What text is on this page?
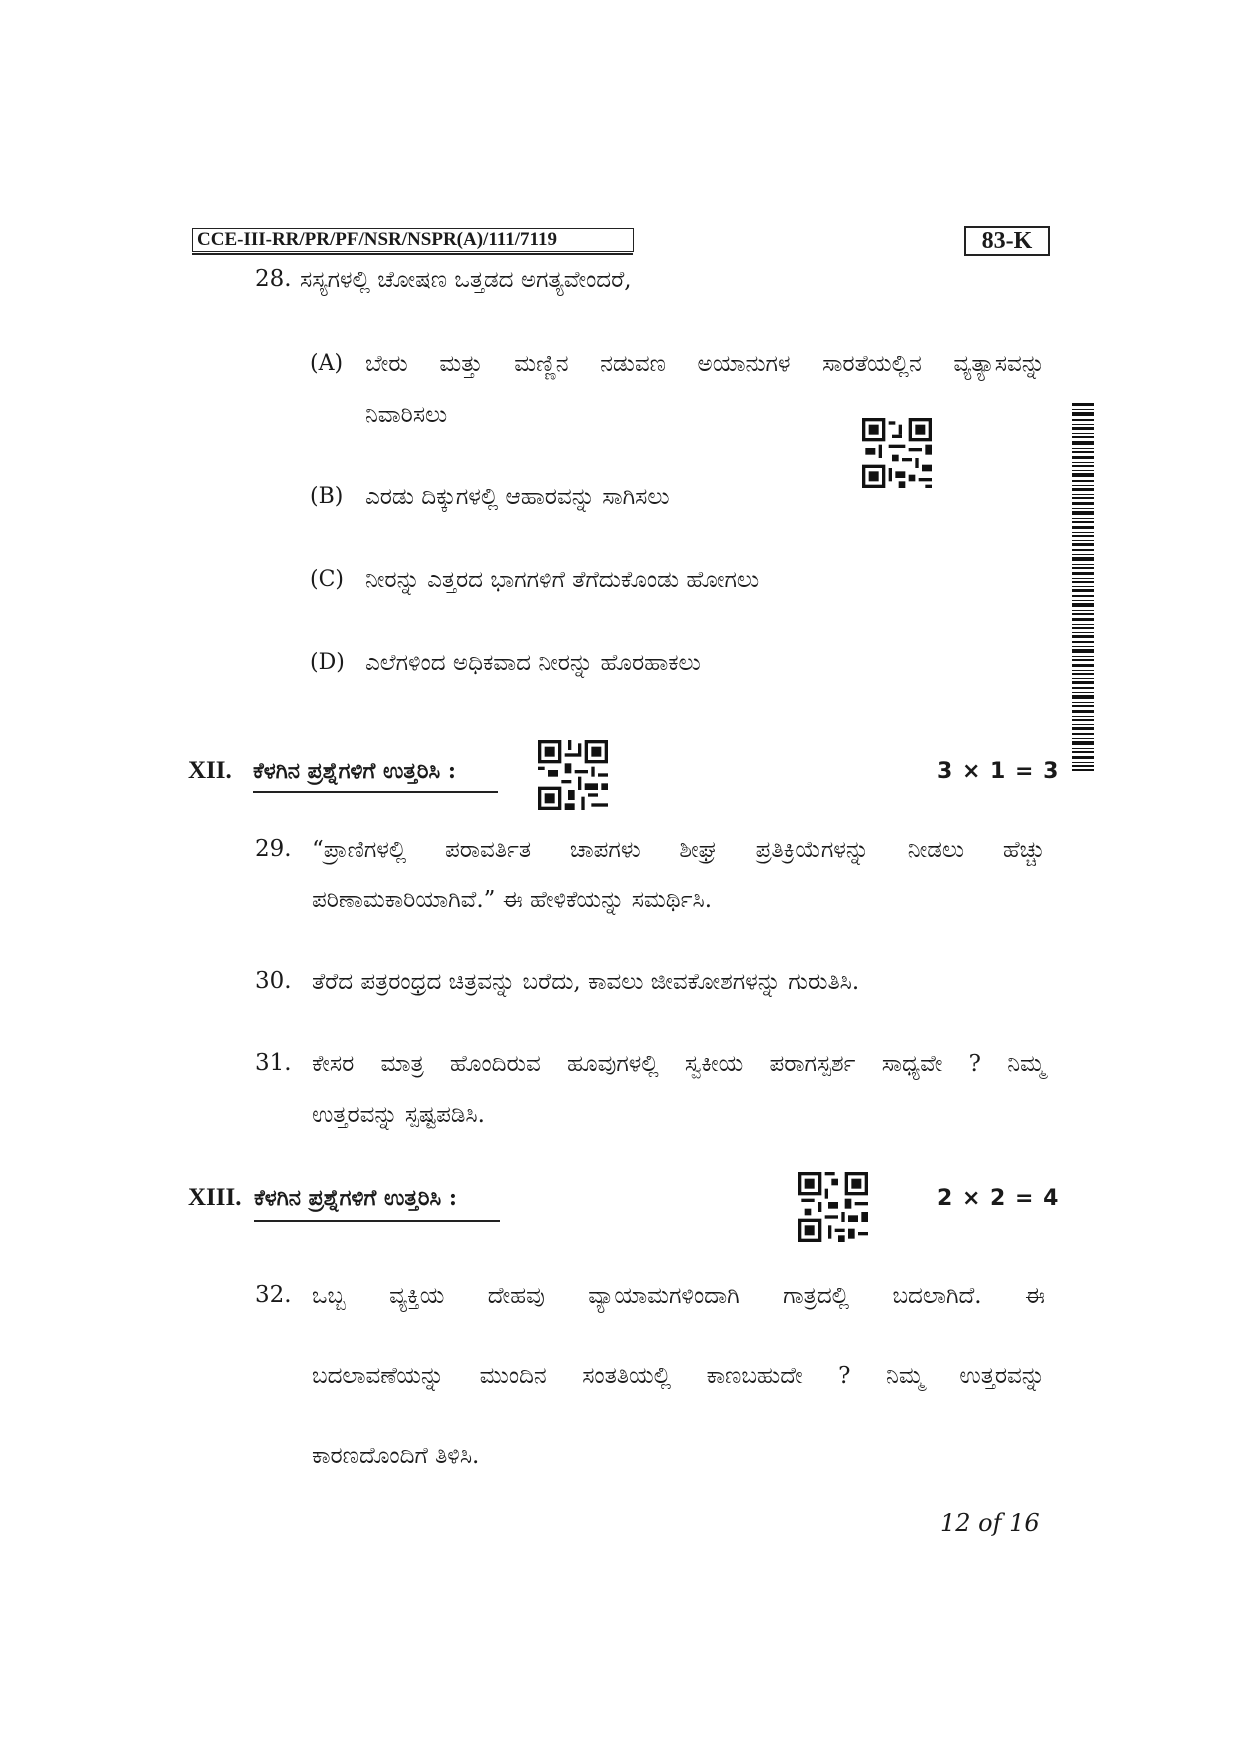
CCE-III-RR/PR/PF/NSR/NSPR(A)/111/7119	83-K
28. ಸಸ್ಯಗಳಲ್ಲಿ ಚೋಷಣ ಒತ್ತಡದ ಅಗತ್ಯವೇಂದರೆ,
(A) ಬೇರು ಮತ್ತು ಮಣ್ಣಿನ ನಡುವಣ ಅಯಾನುಗಳ ಸಾರತೆಯಲ್ಲಿನ ವ್ಯತ್ಯಾಸವನ್ನು
ನಿವಾರಿಸಲು
(B) ಎರಡು ದಿಕ್ಕುಗಳಲ್ಲಿ ಆಹಾರವನ್ನು ಸಾಗಿಸಲು
(C) ನೀರನ್ನು ಎತ್ತರದ ಭಾಗಗಳಿಗೆ ತೆಗೆದುಕೊಂಡು ಹೋಗಲು
(D) ಎಲೆಗಳಿಂದ ಅಧಿಕವಾದ ನೀರನ್ನು ಹೊರಹಾಕಲು
XII. ಕೆಳಗಿನ ಪ್ರಶ್ನೆಗಳಿಗೆ ಉತ್ತರಿಸಿ :	3 × 1 = 3
29. “ಪ್ರಾಣಿಗಳಲ್ಲಿ ಪರಾವರ್ತಿತ ಚಾಪಗಳು ಶೀಘ್ರ ಪ್ರತಿಕ್ರಿಯೆಗಳನ್ನು ನೀಡಲು ಹೆಚ್ಚು
ಪರಿಣಾಮಕಾರಿಯಾಗಿವೆ.” ಈ ಹೇಳಿಕೆಯನ್ನು ಸಮರ್ಥಿಸಿ.
30. ತೆರೆದ ಪತ್ರರಂಧ್ರದ ಚಿತ್ರವನ್ನು ಬರೆದು, ಕಾವಲು ಜೀವಕೋಶಗಳನ್ನು ಗುರುತಿಸಿ.
31. ಕೇಸರ ಮಾತ್ರ ಹೊಂದಿರುವ ಹೂವುಗಳಲ್ಲಿ ಸ್ವಕೀಯ ಪರಾಗಸ್ಪರ್ಶ ಸಾಧ್ಯವೇ ? ನಿಮ್ಮ
ಉತ್ತರವನ್ನು ಸ್ಪಷ್ಟಪಡಿಸಿ.
XIII. ಕೆಳಗಿನ ಪ್ರಶ್ನೆಗಳಿಗೆ ಉತ್ತರಿಸಿ :	2 × 2 = 4
32. ಒಬ್ಬ ವ್ಯಕ್ತಿಯ ದೇಹವು ವ್ಯಾಯಾಮಗಳಿಂದಾಗಿ ಗಾತ್ರದಲ್ಲಿ ಬದಲಾಗಿದೆ. ಈ
ಬದಲಾವಣೆಯನ್ನು ಮುಂದಿನ ಸಂತತಿಯಲ್ಲಿ ಕಾಣಬಹುದೇ ? ನಿಮ್ಮ ಉತ್ತರವನ್ನು
ಕಾರಣದೊಂದಿಗೆ ತಿಳಿಸಿ.
12 of 16
